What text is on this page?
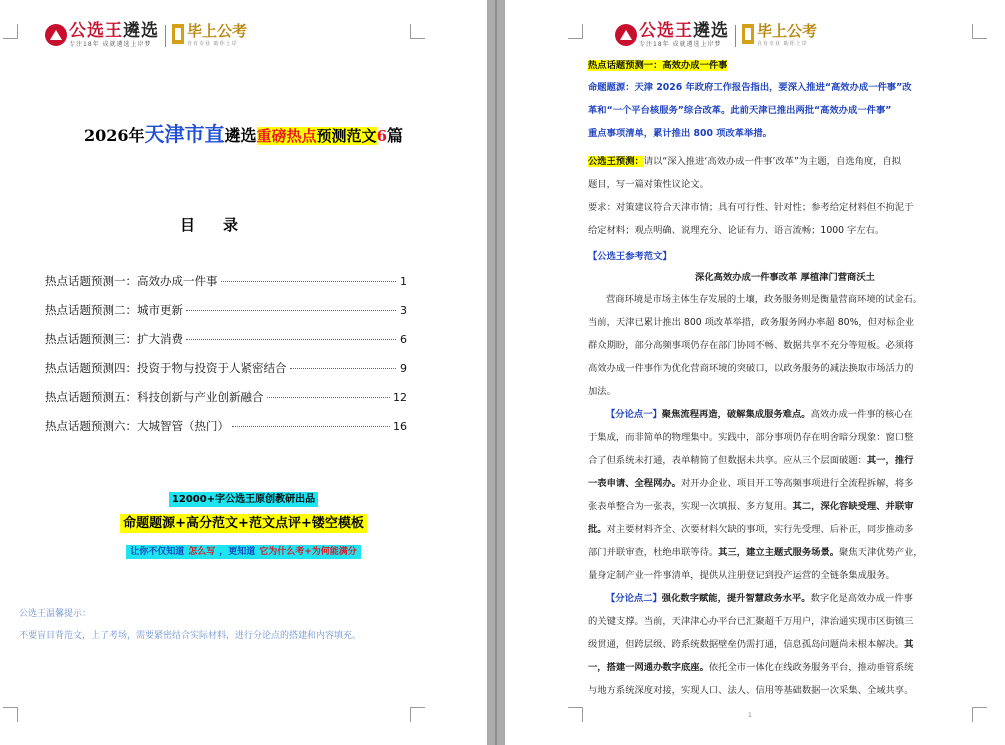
公选王遴选
专注18年 成就遴选上岸梦
毕上公考
自有专业 助你上岸
2026年天津市直遴选重磅热点预测范文6篇
目录
热点话题预测一：高效办成一件事	1
热点话题预测二：城市更新	3
热点话题预测三：扩大消费	6
热点话题预测四：投资于物与投资于人紧密结合	9
热点话题预测五：科技创新与产业创新融合	12
热点话题预测六：大城智管（热门）	16
12000+字公选王原创教研出品
命题题源+高分范文+范文点评+镂空模板
让你不仅知道 怎么写 ，更知道 它为什么考+为何能满分
公选王温馨提示：
不要盲目背范文，上了考场，需要紧密结合实际材料，进行分论点的搭建和内容填充。
公选王遴选
专注18年 成就遴选上岸梦
毕上公考
自有专业 助你上岸
热点话题预测一：高效办成一件事
命题题源：天津 2026 年政府工作报告指出，要深入推进“高效办成一件事”改
革和“一个平台核服务”综合改革。此前天津已推出两批“高效办成一件事”
重点事项清单，累计推出 800 项改革举措。
公选王预测：请以“深入推进‘高效办成一件事’改革”为主题，自选角度，自拟
题目，写一篇对策性议论文。
要求：对策建议符合天津市情；具有可行性、针对性；参考给定材料但不拘泥于
给定材料；观点明确、说理充分、论证有力、语言流畅；1000 字左右。
【公选王参考范文】
深化高效办成一件事改革 厚植津门营商沃土
营商环境是市场主体生存发展的土壤，政务服务则是衡量营商环境的试金石。
当前，天津已累计推出 800 项改革举措，政务服务网办率超 80%，但对标企业
群众期盼，部分高频事项仍存在部门协同不畅、数据共享不充分等短板。必须将
高效办成一件事作为优化营商环境的突破口，以政务服务的减法换取市场活力的
加法。
【分论点一】聚焦流程再造，破解集成服务难点。高效办成一件事的核心在
于集成，而非简单的物理集中。实践中，部分事项仍存在明舍暗分现象：窗口整
合了但系统未打通，表单精简了但数据未共享。应从三个层面破题：其一，推行
一表申请、全程网办。对开办企业、项目开工等高频事项进行全流程拆解，将多
张表单整合为一张表，实现一次填报、多方复用。其二，深化容缺受理、并联审
批。对主要材料齐全、次要材料欠缺的事项，实行先受理、后补正，同步推动多
部门并联审查，杜绝串联等待。其三，建立主题式服务场景。聚焦天津优势产业，
量身定制产业一件事清单，提供从注册登记到投产运营的全链条集成服务。
【分论点二】强化数字赋能，提升智慧政务水平。数字化是高效办成一件事
的关键支撑。当前，天津津心办平台已汇聚超千万用户，津治通实现市区街镇三
级贯通，但跨层级、跨系统数据壁垒仍需打通，信息孤岛问题尚未根本解决。其
一，搭建一网通办数字底座。依托全市一体化在线政务服务平台，推动垂管系统
与地方系统深度对接，实现人口、法人、信用等基础数据一次采集、全域共享。
1
